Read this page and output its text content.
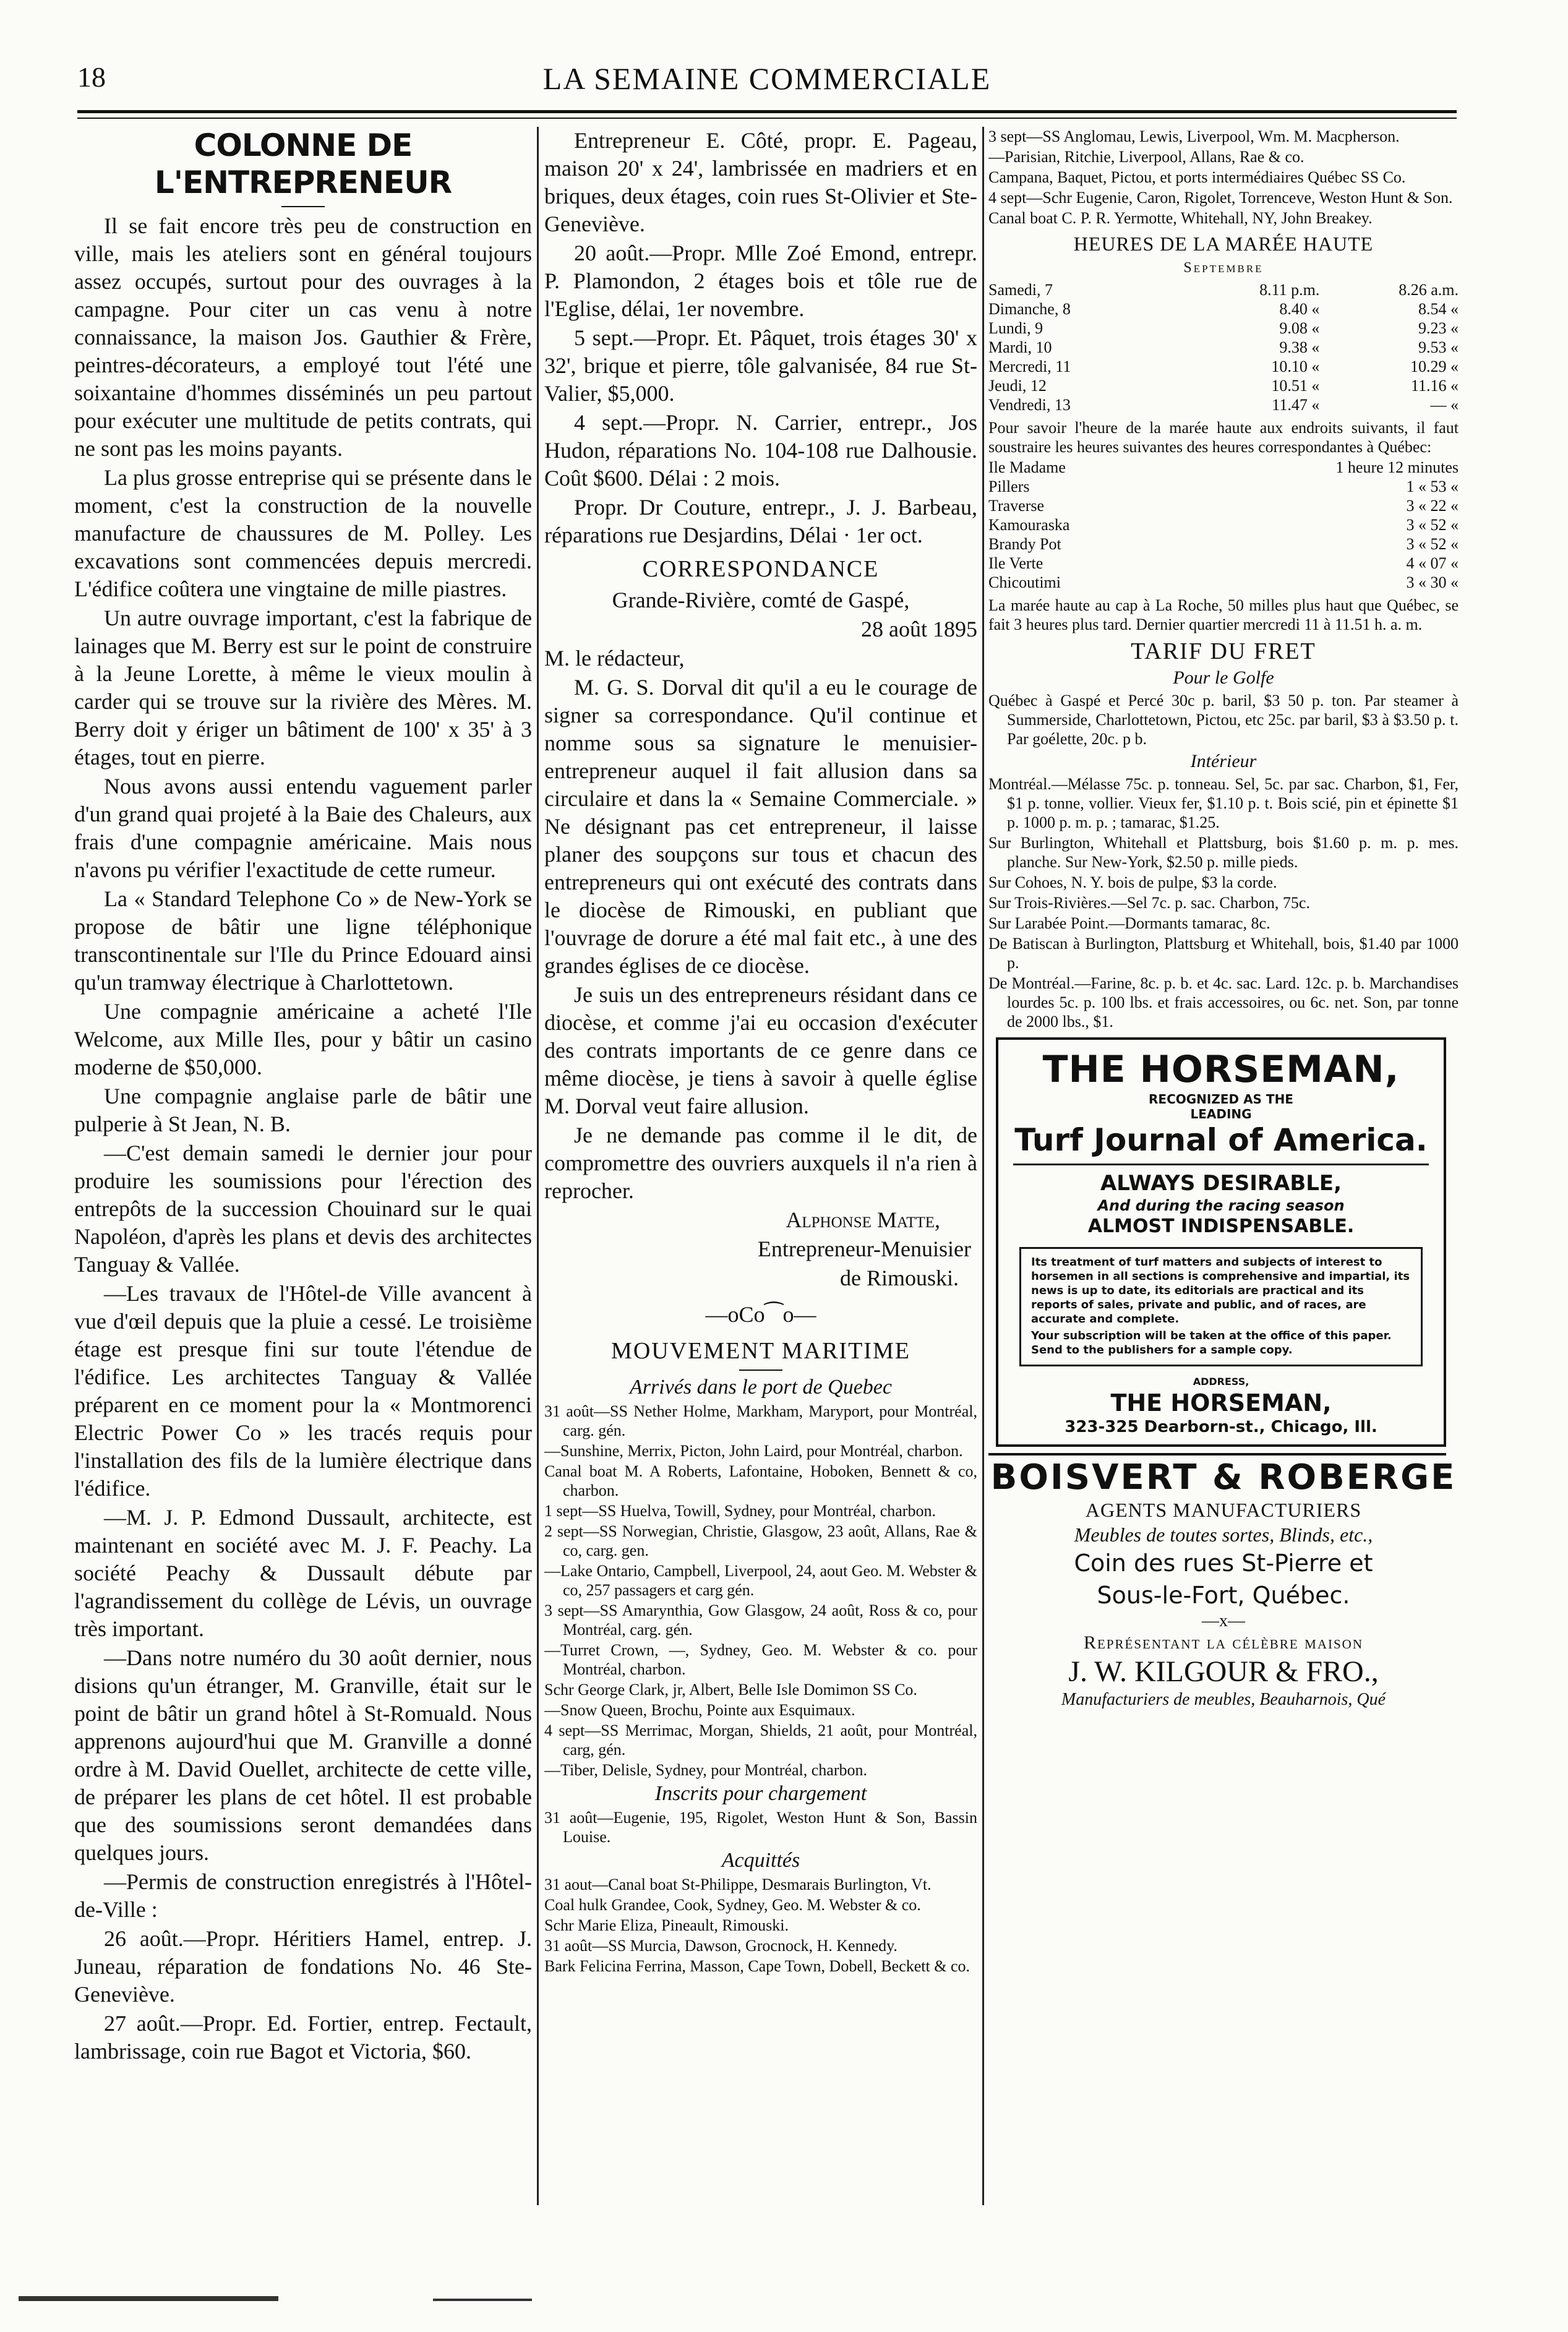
18	LA SEMAINE COMMERCIALE
COLONNE DE L'ENTREPRENEUR

Il se fait encore très peu de construction en ville, mais les ateliers sont en général toujours assez occupés, surtout pour des ouvrages à la campagne. Pour citer un cas venu à notre connaissance, la maison Jos. Gauthier & Frère, peintres-décorateurs, a employé tout l'été une soixantaine d'hommes disséminés un peu partout pour exécuter une multitude de petits contrats, qui ne sont pas les moins payants.

La plus grosse entreprise qui se présente dans le moment, c'est la construction de la nouvelle manufacture de chaussures de M. Polley. Les excavations sont commencées depuis mercredi. L'édifice coûtera une vingtaine de mille piastres.

Un autre ouvrage important, c'est la fabrique de lainages que M. Berry est sur le point de construire à la Jeune Lorette, à même le vieux moulin à carder qui se trouve sur la rivière des Mères. M. Berry doit y ériger un bâtiment de 100' x 35' à 3 étages, tout en pierre.

Nous avons aussi entendu vaguement parler d'un grand quai projeté à la Baie des Chaleurs, aux frais d'une compagnie américaine. Mais nous n'avons pu vérifier l'exactitude de cette rumeur.

La « Standard Telephone Co » de New-York se propose de bâtir une ligne téléphonique transcontinentale sur l'Ile du Prince Edouard ainsi qu'un tramway électrique à Charlottetown.

Une compagnie américaine a acheté l'Ile Welcome, aux Mille Iles, pour y bâtir un casino moderne de $50,000.

Une compagnie anglaise parle de bâtir une pulperie à St Jean, N. B.

—C'est demain samedi le dernier jour pour produire les soumissions pour l'érection des entrepôts de la succession Chouinard sur le quai Napoléon, d'après les plans et devis des architectes Tanguay & Vallée.

—Les travaux de l'Hôtel-de Ville avancent à vue d'œil depuis que la pluie a cessé. Le troisième étage est presque fini sur toute l'étendue de l'édifice. Les architectes Tanguay & Vallée préparent en ce moment pour la « Montmorenci Electric Power Co » les tracés requis pour l'installation des fils de la lumière électrique dans l'édifice.

—M. J. P. Edmond Dussault, architecte, est maintenant en société avec M. J. F. Peachy. La société Peachy & Dussault débute par l'agrandissement du collège de Lévis, un ouvrage très important.

—Dans notre numéro du 30 août dernier, nous disions qu'un étranger, M. Granville, était sur le point de bâtir un grand hôtel à St-Romuald. Nous apprenons aujourd'hui que M. Granville a donné ordre à M. David Ouellet, architecte de cette ville, de préparer les plans de cet hôtel. Il est probable que des soumissions seront demandées dans quelques jours.

—Permis de construction enregistrés à l'Hôtel-de-Ville :

26 août.—Propr. Héritiers Hamel, entrep. J. Juneau, réparation de fondations No. 46 Ste-Geneviève.

27 août.—Propr. Ed. Fortier, entrep. Fectault, lambrissage, coin rue Bagot et Victoria, $60.

Entrepreneur E. Côté, propr. E. Pageau, maison 20' x 24', lambrissée en madriers et en briques, deux étages, coin rues St-Olivier et Ste-Geneviève.

20 août.—Propr. Mlle Zoé Emond, entrepr. P. Plamondon, 2 étages bois et tôle rue de l'Eglise, délai, 1er novembre.

5 sept.—Propr. Et. Pâquet, trois étages 30' x 32', brique et pierre, tôle galvanisée, 84 rue St-Valier, $5,000.

4 sept.—Propr. N. Carrier, entrepr., Jos Hudon, réparations No. 104-108 rue Dalhousie. Coût $600. Délai : 2 mois.

Propr. Dr Couture, entrepr., J. J. Barbeau, réparations rue Desjardins, Délai · 1er oct.

CORRESPONDANCE

Grande-Rivière, comté de Gaspé,

28 août 1895

M. le rédacteur,

M. G. S. Dorval dit qu'il a eu le courage de signer sa correspondance. Qu'il continue et nomme sous sa signature le menuisier-entrepreneur auquel il fait allusion dans sa circulaire et dans la « Semaine Commerciale. » Ne désignant pas cet entrepreneur, il laisse planer des soupçons sur tous et chacun des entrepreneurs qui ont exécuté des contrats dans le diocèse de Rimouski, en publiant que l'ouvrage de dorure a été mal fait etc., à une des grandes églises de ce diocèse.

Je suis un des entrepreneurs résidant dans ce diocèse, et comme j'ai eu occasion d'exécuter des contrats importants de ce genre dans ce même diocèse, je tiens à savoir à quelle église M. Dorval veut faire allusion.

Je ne demande pas comme il le dit, de compromettre des ouvriers auxquels il n'a rien à reprocher.

Alphonse Matte,

Entrepreneur-Menuisier

de Rimouski.

—oCo⁀o—

MOUVEMENT MARITIME
Arrivés dans le port de Quebec

31 août—SS Nether Holme, Markham, Maryport, pour Montréal, carg. gén.

—Sunshine, Merrix, Picton, John Laird, pour Montréal, charbon.

Canal boat M. A Roberts, Lafontaine, Hoboken, Bennett & co, charbon.

1 sept—SS Huelva, Towill, Sydney, pour Montréal, charbon.

2 sept—SS Norwegian, Christie, Glasgow, 23 août, Allans, Rae & co, carg. gen.

—Lake Ontario, Campbell, Liverpool, 24, aout Geo. M. Webster & co, 257 passagers et carg gén.

3 sept—SS Amarynthia, Gow Glasgow, 24 août, Ross & co, pour Montréal, carg. gén.

—Turret Crown, —, Sydney, Geo. M. Webster & co. pour Montréal, charbon.

Schr George Clark, jr, Albert, Belle Isle Domimon SS Co.

—Snow Queen, Brochu, Pointe aux Esquimaux.

4 sept—SS Merrimac, Morgan, Shields, 21 août, pour Montréal, carg, gén.

—Tiber, Delisle, Sydney, pour Montréal, charbon.

Inscrits pour chargement

31 août—Eugenie, 195, Rigolet, Weston Hunt & Son, Bassin Louise.

Acquittés

31 aout—Canal boat St-Philippe, Desmarais Burlington, Vt.

Coal hulk Grandee, Cook, Sydney, Geo. M. Webster & co.

Schr Marie Eliza, Pineault, Rimouski.

31 août—SS Murcia, Dawson, Grocnock, H. Kennedy.

Bark Felicina Ferrina, Masson, Cape Town, Dobell, Beckett & co.

3 sept—SS Anglomau, Lewis, Liverpool, Wm. M. Macpherson.

—Parisian, Ritchie, Liverpool, Allans, Rae & co.

Campana, Baquet, Pictou, et ports intermédiaires Québec SS Co.

4 sept—Schr Eugenie, Caron, Rigolet, Torrenceve, Weston Hunt & Son.

Canal boat C. P. R. Yermotte, Whitehall, NY, John Breakey.

HEURES DE LA MARÉE HAUTE
Septembre
Samedi, 7	8.11 p.m.	8.26 a.m.
Dimanche, 8	8.40 «	8.54 «
Lundi, 9	9.08 «	9.23 «
Mardi, 10	9.38 «	9.53 «
Mercredi, 11	10.10 «	10.29 «
Jeudi, 12	10.51 «	11.16 «
Vendredi, 13	11.47 «	— «

Pour savoir l'heure de la marée haute aux endroits suivants, il faut soustraire les heures suivantes des heures correspondantes à Québec:

Ile Madame	1 heure 12 minutes
Pillers	1 « 53 «
Traverse	3 « 22 «
Kamouraska	3 « 52 «
Brandy Pot	3 « 52 «
Ile Verte	4 « 07 «
Chicoutimi	3 « 30 «

La marée haute au cap à La Roche, 50 milles plus haut que Québec, se fait 3 heures plus tard. Dernier quartier mercredi 11 à 11.51 h. a. m.

TARIF DU FRET
Pour le Golfe

Québec à Gaspé et Percé 30c p. baril, $3 50 p. ton. Par steamer à Summerside, Charlottetown, Pictou, etc 25c. par baril, $3 à $3.50 p. t. Par goélette, 20c. p b.

Intérieur

Montréal.—Mélasse 75c. p. tonneau. Sel, 5c. par sac. Charbon, $1, Fer, $1 p. tonne, vollier. Vieux fer, $1.10 p. t. Bois scié, pin et épinette $1 p. 1000 p. m. p. ; tamarac, $1.25.

Sur Burlington, Whitehall et Plattsburg, bois $1.60 p. m. p. mes. planche. Sur New-York, $2.50 p. mille pieds.

Sur Cohoes, N. Y. bois de pulpe, $3 la corde.

Sur Trois-Rivières.—Sel 7c. p. sac. Charbon, 75c.

Sur Larabée Point.—Dormants tamarac, 8c.

De Batiscan à Burlington, Plattsburg et Whitehall, bois, $1.40 par 1000 p.

De Montréal.—Farine, 8c. p. b. et 4c. sac. Lard. 12c. p. b. Marchandises lourdes 5c. p. 100 lbs. et frais accessoires, ou 6c. net. Son, par tonne de 2000 lbs., $1.

THE HORSEMAN,
RECOGNIZED AS THE
LEADING
Turf Journal of America.
ALWAYS DESIRABLE,
And during the racing season
ALMOST INDISPENSABLE.

Its treatment of turf matters and subjects of interest to horsemen in all sections is comprehensive and impartial, its news is up to date, its editorials are practical and its reports of sales, private and public, and of races, are accurate and complete.

Your subscription will be taken at the office of this paper. Send to the publishers for a sample copy.

ADDRESS,
THE HORSEMAN,
323-325 Dearborn-st., Chicago, Ill.
BOISVERT & ROBERGE
AGENTS MANUFACTURIERS
Meubles de toutes sortes, Blinds, etc.,
Coin des rues St-Pierre et
Sous-le-Fort, Québec.
—x—
Représentant la célèbre maison
J. W. KILGOUR & FRO.,
Manufacturiers de meubles, Beauharnois, Qué
